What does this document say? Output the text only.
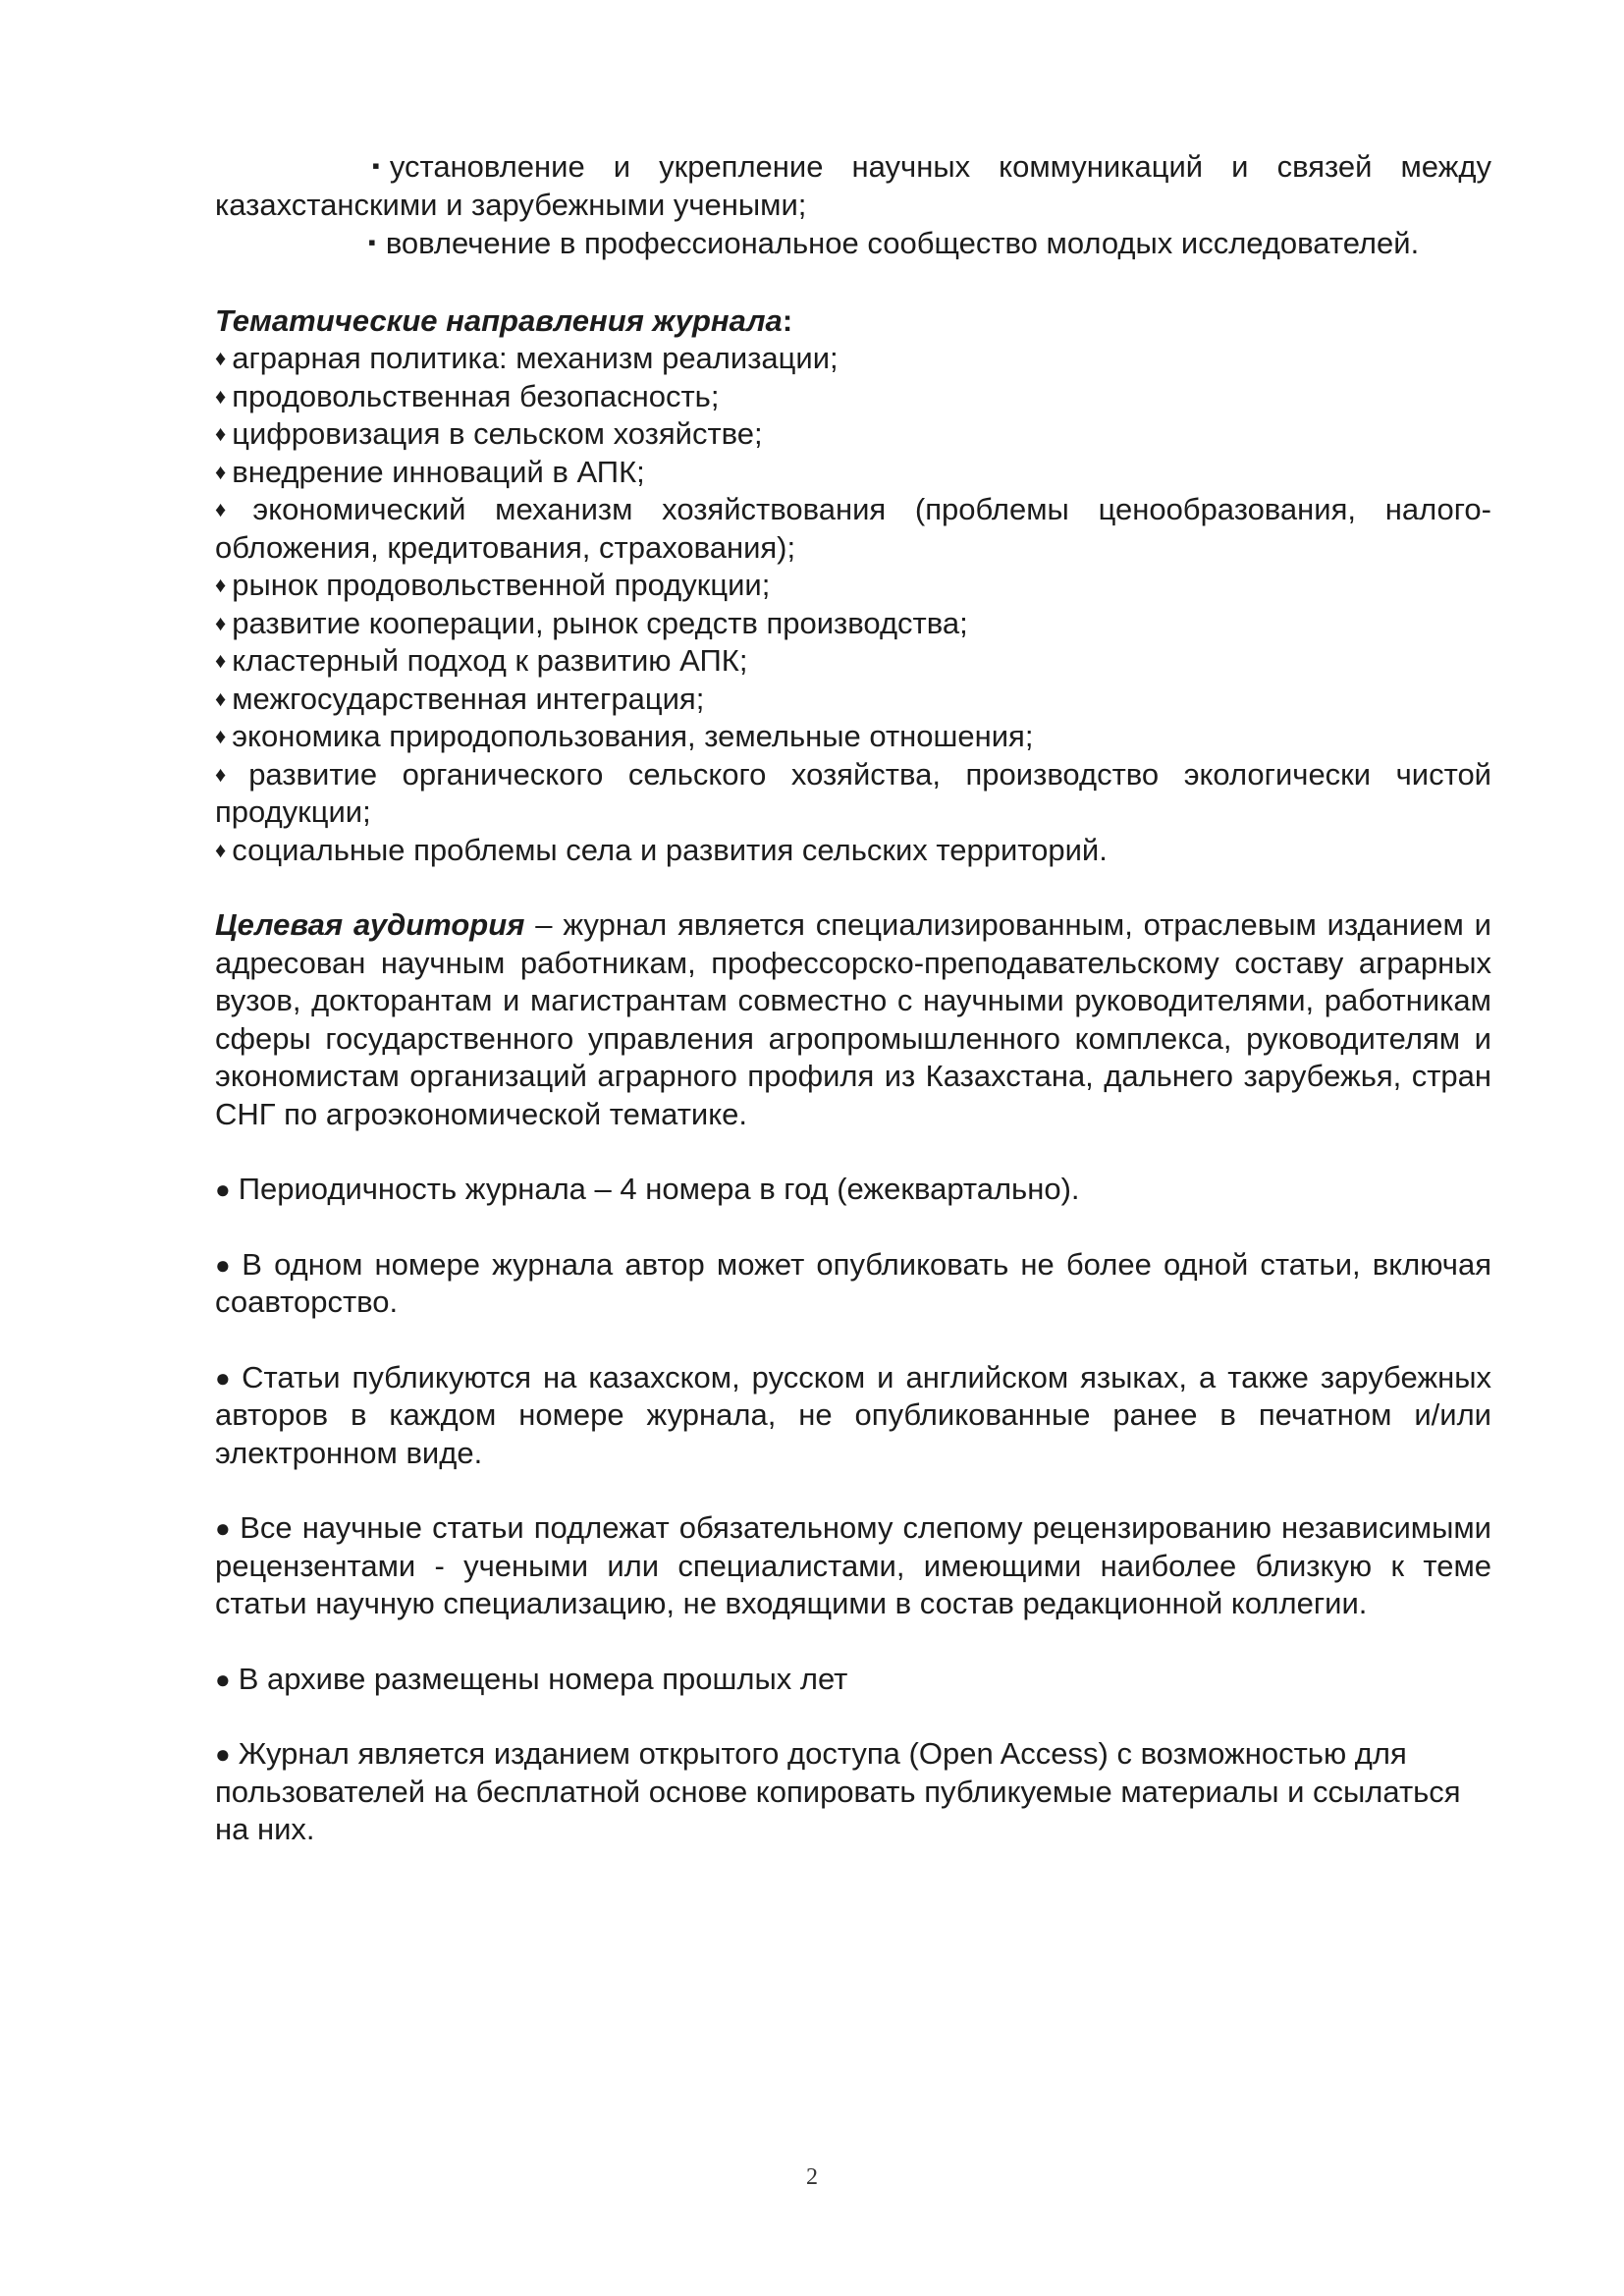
▪ установление и укрепление научных коммуникаций и связей между казахстанскими и зарубежными учеными;

▪ вовлечение в профессиональное сообщество молодых исследователей.

Тематические направления журнала:

♦ аграрная политика: механизм реализации;

♦ продовольственная безопасность;

♦ цифровизация в сельском хозяйстве;

♦ внедрение инноваций в АПК;

♦ экономический механизм хозяйствования (проблемы ценообразования, налого-обложения, кредитования, страхования);

♦ рынок продовольственной продукции;

♦ развитие кооперации, рынок средств производства;

♦ кластерный подход к развитию АПК;

♦ межгосударственная интеграция;

♦ экономика природопользования, земельные отношения;

♦ развитие органического сельского хозяйства, производство экологически чистой продукции;

♦ социальные проблемы села и развития сельских территорий.

Целевая аудитория – журнал является специализированным, отраслевым изданием и адресован научным работникам, профессорско-преподавательскому составу аграрных вузов, докторантам и магистрантам совместно с научными руководителями, работникам сферы государственного управления агропромышленного комплекса, руководителям и экономистам организаций аграрного профиля из Казахстана, дальнего зарубежья, стран СНГ по агроэкономической тематике.

● Периодичность журнала – 4 номера в год (ежеквартально).

● В одном номере журнала автор может опубликовать не более одной статьи, включая соавторство.

● Статьи публикуются на казахском, русском и английском языках, а также зарубежных авторов в каждом номере журнала, не опубликованные ранее в печатном и/или электронном виде.

● Все научные статьи подлежат обязательному слепому рецензированию независимыми рецензентами - учеными или специалистами, имеющими наиболее близкую к теме статьи научную специализацию, не входящими в состав редакционной коллегии.

● В архиве размещены номера прошлых лет

● Журнал является изданием открытого доступа (Open Access) с возможностью для пользователей на бесплатной основе копировать публикуемые материалы и ссылаться на них.

2
